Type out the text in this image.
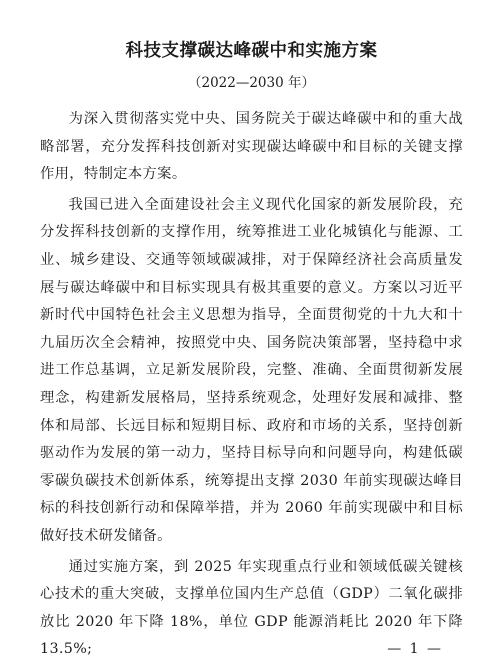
科技支撑碳达峰碳中和实施方案

（2022—2030 年）

为深入贯彻落实党中央、国务院关于碳达峰碳中和的重大战略部署，充分发挥科技创新对实现碳达峰碳中和目标的关键支撑作用，特制定本方案。

我国已进入全面建设社会主义现代化国家的新发展阶段，充分发挥科技创新的支撑作用，统筹推进工业化城镇化与能源、工业、城乡建设、交通等领域碳减排，对于保障经济社会高质量发展与碳达峰碳中和目标实现具有极其重要的意义。方案以习近平新时代中国特色社会主义思想为指导，全面贯彻党的十九大和十九届历次全会精神，按照党中央、国务院决策部署，坚持稳中求进工作总基调，立足新发展阶段，完整、准确、全面贯彻新发展理念，构建新发展格局，坚持系统观念，处理好发展和减排、整体和局部、长远目标和短期目标、政府和市场的关系，坚持创新驱动作为发展的第一动力，坚持目标导向和问题导向，构建低碳零碳负碳技术创新体系，统筹提出支撑 2030 年前实现碳达峰目标的科技创新行动和保障举措，并为 2060 年前实现碳中和目标做好技术研发储备。

通过实施方案，到 2025 年实现重点行业和领域低碳关键核心技术的重大突破，支撑单位国内生产总值（GDP）二氧化碳排放比 2020 年下降 18%，单位 GDP 能源消耗比 2020 年下降 13.5%;	— 1 —
